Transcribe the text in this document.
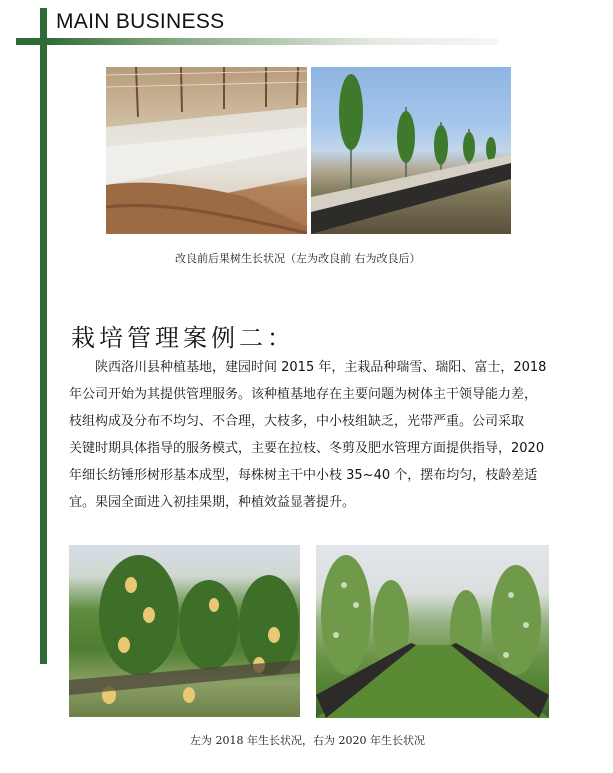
MAIN BUSINESS
改良前后果树生长状况（左为改良前 右为改良后）
栽培管理案例二：
陕西洛川县种植基地，建园时间 2015 年，主栽品种瑞雪、瑞阳、富士，2018
年公司开始为其提供管理服务。该种植基地存在主要问题为树体主干领导能力差，
枝组构成及分布不均匀、不合理，大枝多，中小枝组缺乏，光带严重。公司采取
关键时期具体指导的服务模式，主要在拉枝、冬剪及肥水管理方面提供指导，2020
年细长纺锤形树形基本成型，每株树主干中小枝 35~40 个，摆布均匀，枝龄差适
宜。果园全面进入初挂果期，种植效益显著提升。
左为 2018 年生长状况，右为 2020 年生长状况
